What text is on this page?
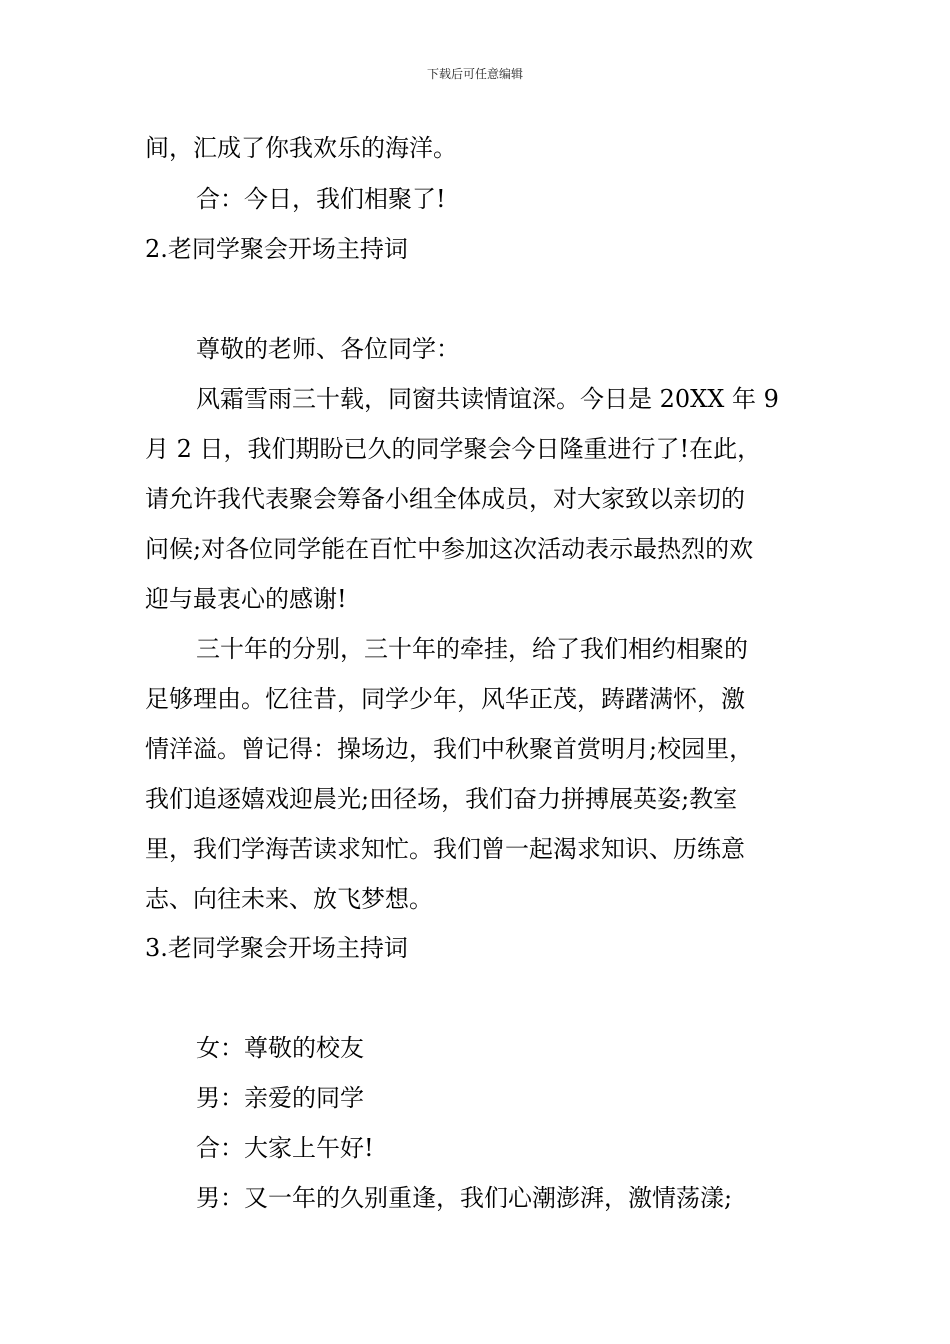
下载后可任意编辑
间，汇成了你我欢乐的海洋。
合：今日，我们相聚了!
2.老同学聚会开场主持词
尊敬的老师、各位同学：
风霜雪雨三十载，同窗共读情谊深。今日是 20XX 年 9
月 2 日，我们期盼已久的同学聚会今日隆重进行了!在此，
请允许我代表聚会筹备小组全体成员，对大家致以亲切的
问候;对各位同学能在百忙中参加这次活动表示最热烈的欢
迎与最衷心的感谢!
三十年的分别，三十年的牵挂，给了我们相约相聚的
足够理由。忆往昔，同学少年，风华正茂，踌躇满怀，激
情洋溢。曾记得：操场边，我们中秋聚首赏明月;校园里，
我们追逐嬉戏迎晨光;田径场，我们奋力拼搏展英姿;教室
里，我们学海苦读求知忙。我们曾一起渴求知识、历练意
志、向往未来、放飞梦想。
3.老同学聚会开场主持词
女：尊敬的校友
男：亲爱的同学
合：大家上午好!
男：又一年的久别重逢，我们心潮澎湃，激情荡漾;
